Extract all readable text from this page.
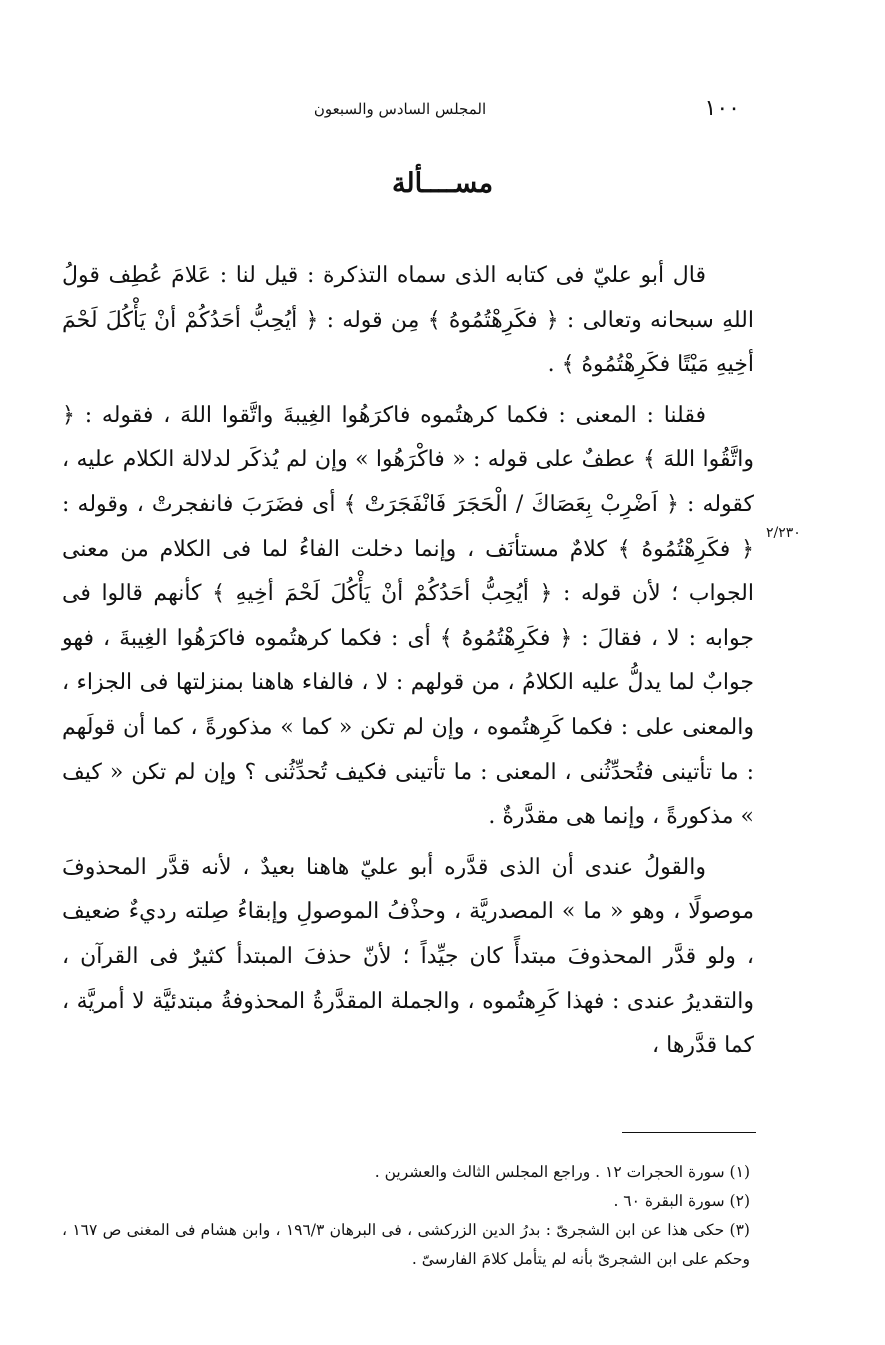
١٠٠
المجلس السادس والسبعون
مســــألة

قال أبو عليّ فى كتابه الذى سماه التذكرة : قيل لنا : عَلامَ عُطِف قولُ اللهِ سبحانه وتعالى : ﴿ فكَرِهْتُمُوهُ ﴾ مِن قوله : ﴿ أيُحِبُّ أحَدُكُمْ أنْ يَأْكُلَ لَحْمَ أخِيهِ مَيْتًا فكَرِهْتُمُوهُ ﴾ .

فقلنا : المعنى : فكما كرهتُموه فاكرَهُوا الغِيبةَ واتَّقوا اللهَ ، فقوله : ﴿ واتَّقُوا اللهَ ﴾ عطفٌ على قوله : « فاكْرَهُوا » وإن لم يُذكَر لدلالة الكلام عليه ، كقوله : ﴿ اَضْرِبْ بِعَصَاكَ / الْحَجَرَ فَانْفَجَرَتْ ﴾ أى فضَرَبَ فانفجرتْ ، وقوله : ﴿ فكَرِهْتُمُوهُ ﴾ كلامٌ مستأنَف ، وإنما دخلت الفاءُ لما فى الكلام من معنى الجواب ؛ لأن قوله : ﴿ أيُحِبُّ أحَدُكُمْ أنْ يَأْكُلَ لَحْمَ أخِيهِ ﴾ كأنهم قالوا فى جوابه : لا ، فقالَ : ﴿ فكَرِهْتُمُوهُ ﴾ أى : فكما كرهتُموه فاكرَهُوا الغِيبةَ ، فهو جوابٌ لما يدلُّ عليه الكلامُ ، من قولهم : لا ، فالفاء هاهنا بمنزلتها فى الجزاء ، والمعنى على : فكما كَرِهتُموه ، وإن لم تكن « كما » مذكورةً ، كما أن قولَهم : ما تأتينى فتُحدِّثُنى ، المعنى : ما تأتينى فكيف تُحدِّثُنى ؟ وإن لم تكن « كيف » مذكورةً ، وإنما هى مقدَّرةٌ .

والقولُ عندى أن الذى قدَّره أبو عليّ هاهنا بعيدٌ ، لأنه قدَّر المحذوفَ موصولًا ، وهو « ما » المصدريَّة ، وحذْفُ الموصولِ وإبقاءُ صِلته رديءٌ ضعيف ، ولو قدَّر المحذوفَ مبتدأً كان جيِّداً ؛ لأنّ حذفَ المبتدأ كثيرٌ فى القرآن ، والتقديرُ عندى : فهذا كَرِهتُموه ، والجملة المقدَّرةُ المحذوفةُ مبتدئيَّة لا أمريَّة ، كما قدَّرها ،

٢/٢٣٠

(١) سورة الحجرات ١٢ . وراجع المجلس الثالث والعشرين .

(٢) سورة البقرة ٦٠ .

(٣) حكى هذا عن ابن الشجرىّ : بدرُ الدين الزركشى ، فى البرهان ١٩٦/٣ ، وابن هشام فى المغنى ص ١٦٧ ، وحكم على ابن الشجرىّ بأنه لم يتأمل كلامَ الفارسىّ .
